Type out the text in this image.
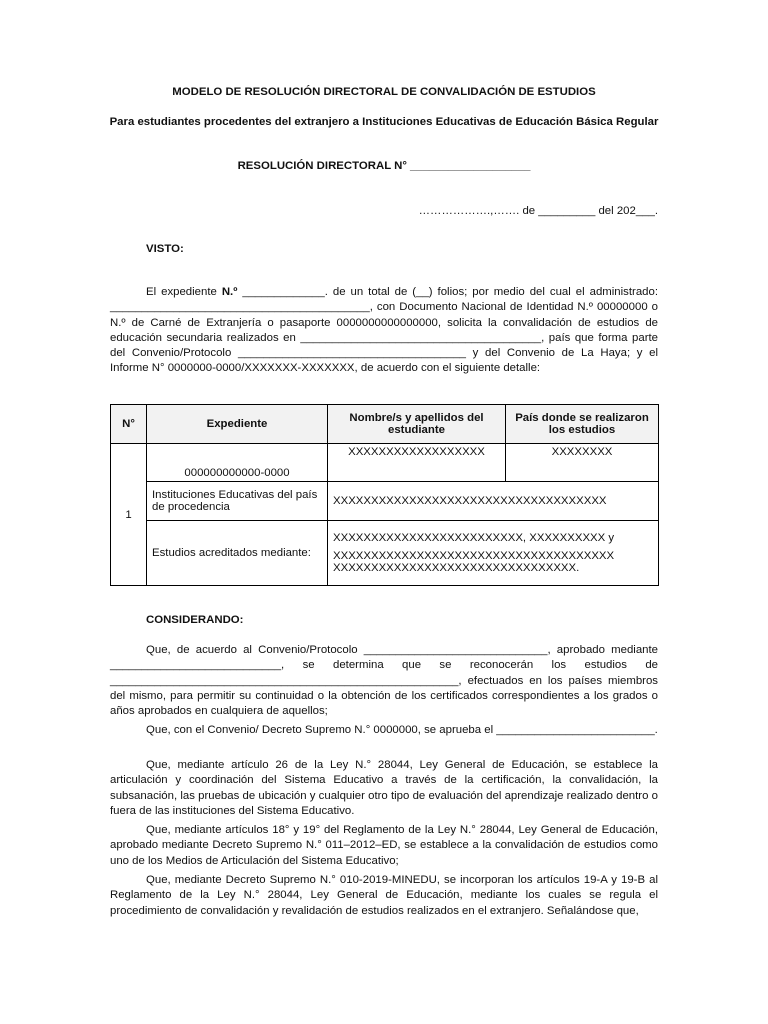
MODELO DE RESOLUCIÓN DIRECTORAL DE CONVALIDACIÓN DE ESTUDIOS
Para estudiantes procedentes del extranjero a Instituciones Educativas de Educación Básica Regular
RESOLUCIÓN DIRECTORAL N° ___________________
……………….,……. de _________ del 202___.
VISTO:

El expediente N.º _____________. de un total de (__) folios; por medio del cual el administrado: _________________________________________, con Documento Nacional de Identidad N.º 00000000 o N.º de Carné de Extranjería o pasaporte 0000000000000000, solicita la convalidación de estudios de educación secundaria realizados en ______________________________________, país que forma parte del Convenio/Protocolo ____________________________________ y del Convenio de La Haya; y el Informe N° 0000000-0000/XXXXXXX-XXXXXXX, de acuerdo con el siguiente detalle:

N°	Expediente	Nombre/s y apellidos del estudiante	País donde se realizaron los estudios
1	000000000000-0000	XXXXXXXXXXXXXXXXXX	XXXXXXXX
	Instituciones Educativas del país de procedencia	XXXXXXXXXXXXXXXXXXXXXXXXXXXXXXXXXXXX	
	Estudios acreditados mediante:	XXXXXXXXXXXXXXXXXXXXXXXXX, XXXXXXXXXX y
XXXXXXXXXXXXXXXXXXXXXXXXXXXXXXXXXXXXX XXXXXXXXXXXXXXXXXXXXXXXXXXXXXXXX.	
CONSIDERANDO:

Que, de acuerdo al Convenio/Protocolo _____________________________, aprobado mediante ___________________________, se determina que se reconocerán los estudios de _______________________________________________________, efectuados en los países miembros del mismo, para permitir su continuidad o la obtención de los certificados correspondientes a los grados o años aprobados en cualquiera de aquellos;

Que, con el Convenio/ Decreto Supremo N.° 0000000, se aprueba el _________________________.

Que, mediante artículo 26 de la Ley N.° 28044, Ley General de Educación, se establece la articulación y coordinación del Sistema Educativo a través de la certificación, la convalidación, la subsanación, las pruebas de ubicación y cualquier otro tipo de evaluación del aprendizaje realizado dentro o fuera de las instituciones del Sistema Educativo.

Que, mediante artículos 18° y 19° del Reglamento de la Ley N.° 28044, Ley General de Educación, aprobado mediante Decreto Supremo N.° 011–2012–ED, se establece a la convalidación de estudios como uno de los Medios de Articulación del Sistema Educativo;

Que, mediante Decreto Supremo N.° 010-2019-MINEDU, se incorporan los artículos 19-A y 19-B al Reglamento de la Ley N.° 28044, Ley General de Educación, mediante los cuales se regula el procedimiento de convalidación y revalidación de estudios realizados en el extranjero. Señalándose que,
